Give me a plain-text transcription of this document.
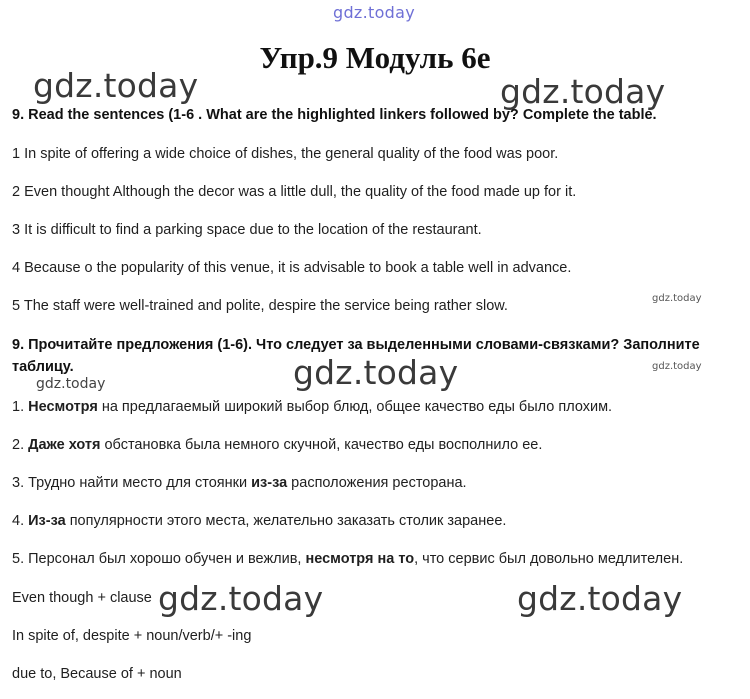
gdz.today
gdz.today	gdz.today
gdz.today
gdz.today
gdz.today	gdz.today
gdz.today	gdz.today
Упр.9 Модуль 6е
9. Read the sentences (1-6 . What are the highlighted linkers followed by? Complete the table.
1 In spite of offering a wide choice of dishes, the general quality of the food was poor.
2 Even thought Although the decor was a little dull, the quality of the food made up for it.
3 It is difficult to find a parking space due to the location of the restaurant.
4 Because o the popularity of this venue, it is advisable to book a table well in advance.
5 The staff were well-trained and polite, despire the service being rather slow.
9. Прочитайте предложения (1-6). Что следует за выделенными словами-связками? Заполните таблицу.
1. Несмотря на предлагаемый широкий выбор блюд, общее качество еды было плохим.
2. Даже хотя обстановка была немного скучной, качество еды восполнило ее.
3. Трудно найти место для стоянки из-за расположения ресторана.
4. Из-за популярности этого места, желательно заказать столик заранее.
5. Персонал был хорошо обучен и вежлив, несмотря на то, что сервис был довольно медлителен.
Even though + clause
In spite of, despite + noun/verb/+ -ing
due to, Because of + noun
